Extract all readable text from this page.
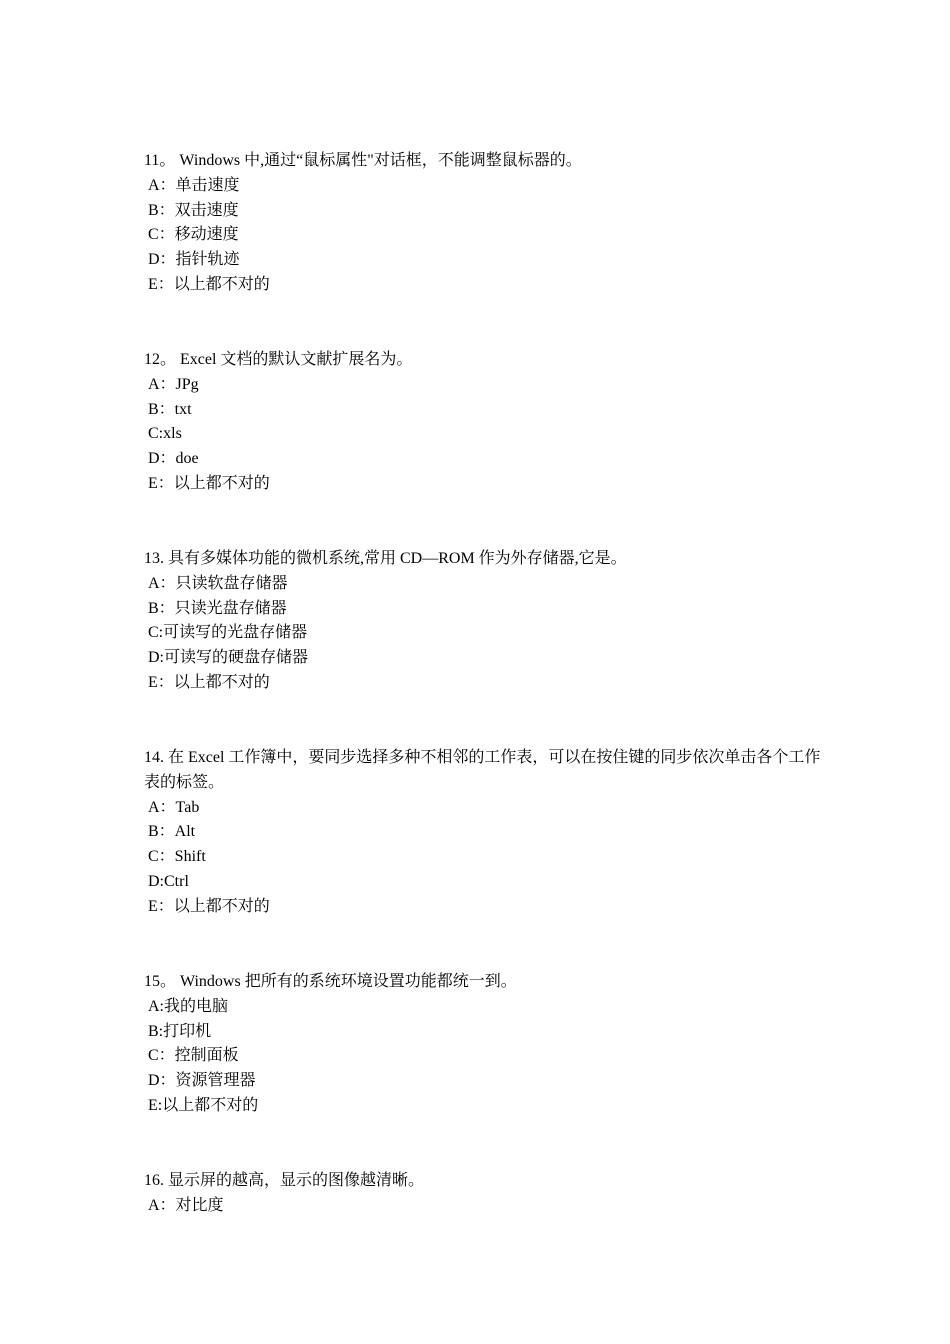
11。 Windows 中,通过“鼠标属性"对话框，不能调整鼠标器的。

A：单击速度

B：双击速度

C：移动速度

D：指针轨迹

E：以上都不对的

12。 Excel 文档的默认文献扩展名为。

A：JPg

B：txt

C:xls

D：doe

E：以上都不对的

13. 具有多媒体功能的微机系统,常用 CD—ROM 作为外存储器,它是。

A：只读软盘存储器

B：只读光盘存储器

C:可读写的光盘存储器

D:可读写的硬盘存储器

E：以上都不对的

14. 在 Excel 工作簿中，要同步选择多种不相邻的工作表，可以在按住键的同步依次单击各个工作表的标签。

A：Tab

B：Alt

C：Shift

D:Ctrl

E：以上都不对的

15。 Windows 把所有的系统环境设置功能都统一到。

A:我的电脑

B:打印机

C：控制面板

D：资源管理器

E:以上都不对的

16. 显示屏的越高，显示的图像越清晰。

A：对比度
